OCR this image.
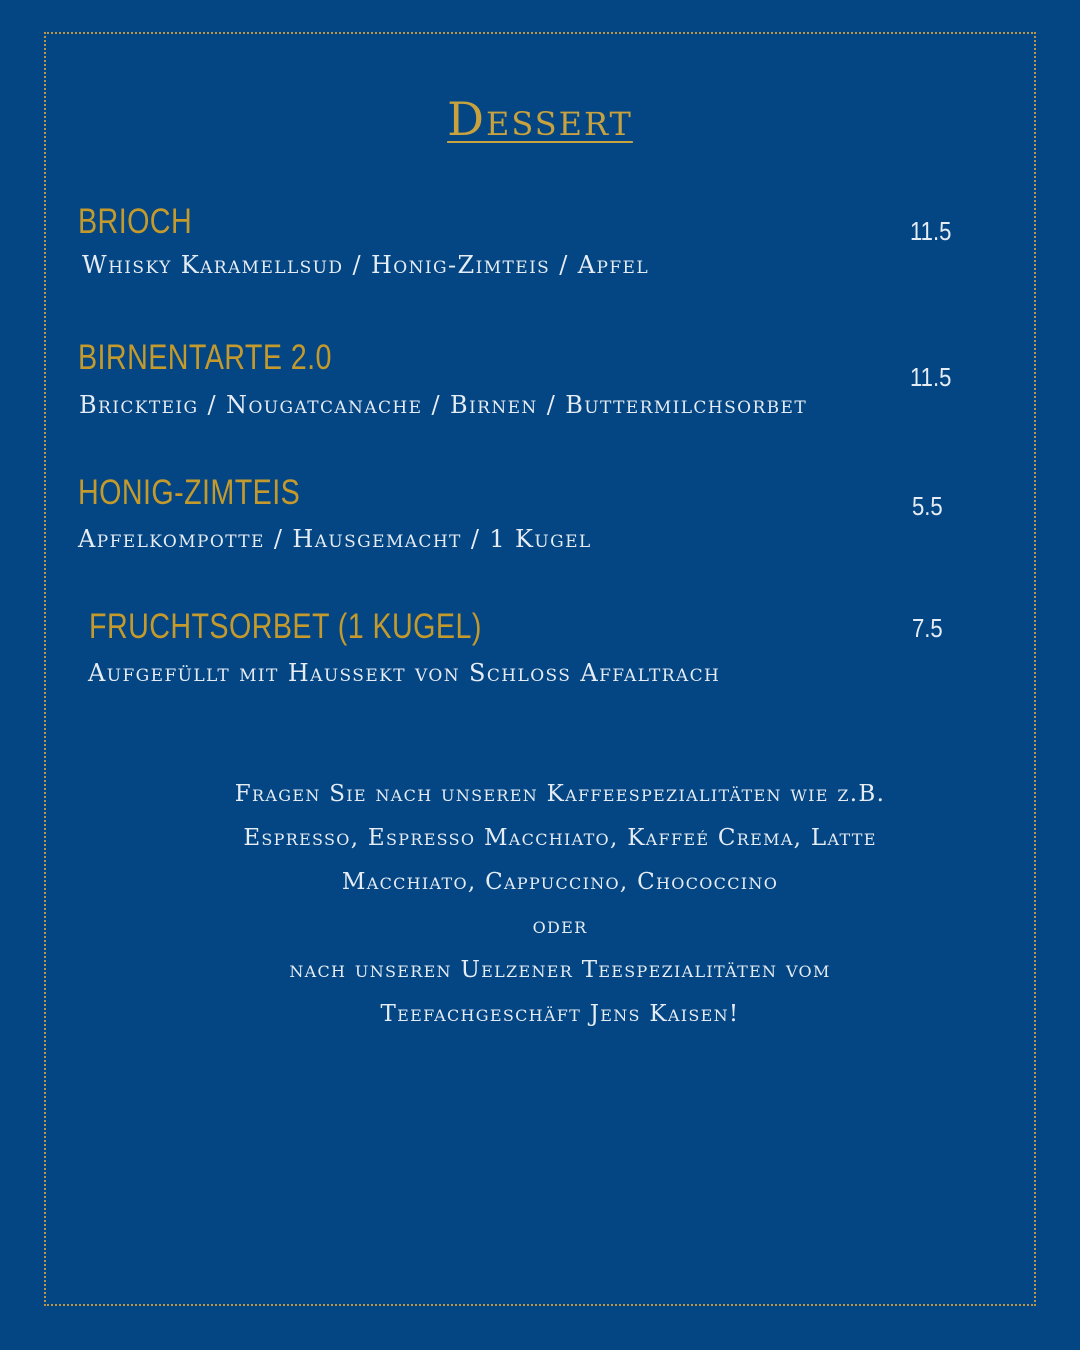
Dessert
BRIOCH
Whisky Karamellsud / Honig-Zimteis / Apfel
11.5
BIRNENTARTE 2.0
Brickteig / Nougatcanache / Birnen / Buttermilchsorbet
11.5
HONIG-ZIMTEIS
Apfelkompotte / Hausgemacht / 1 Kugel
5.5
FRUCHTSORBET (1 KUGEL)
Aufgefüllt mit Haussekt von Schloss Affaltrach
7.5
Fragen Sie nach unseren Kaffeespezialitäten wie z.B.
Espresso, Espresso Macchiato, Kaffeé Crema, Latte
Macchiato, Cappuccino, Chococcino
oder
nach unseren Uelzener Teespezialitäten vom
Teefachgeschäft Jens Kaisen!
